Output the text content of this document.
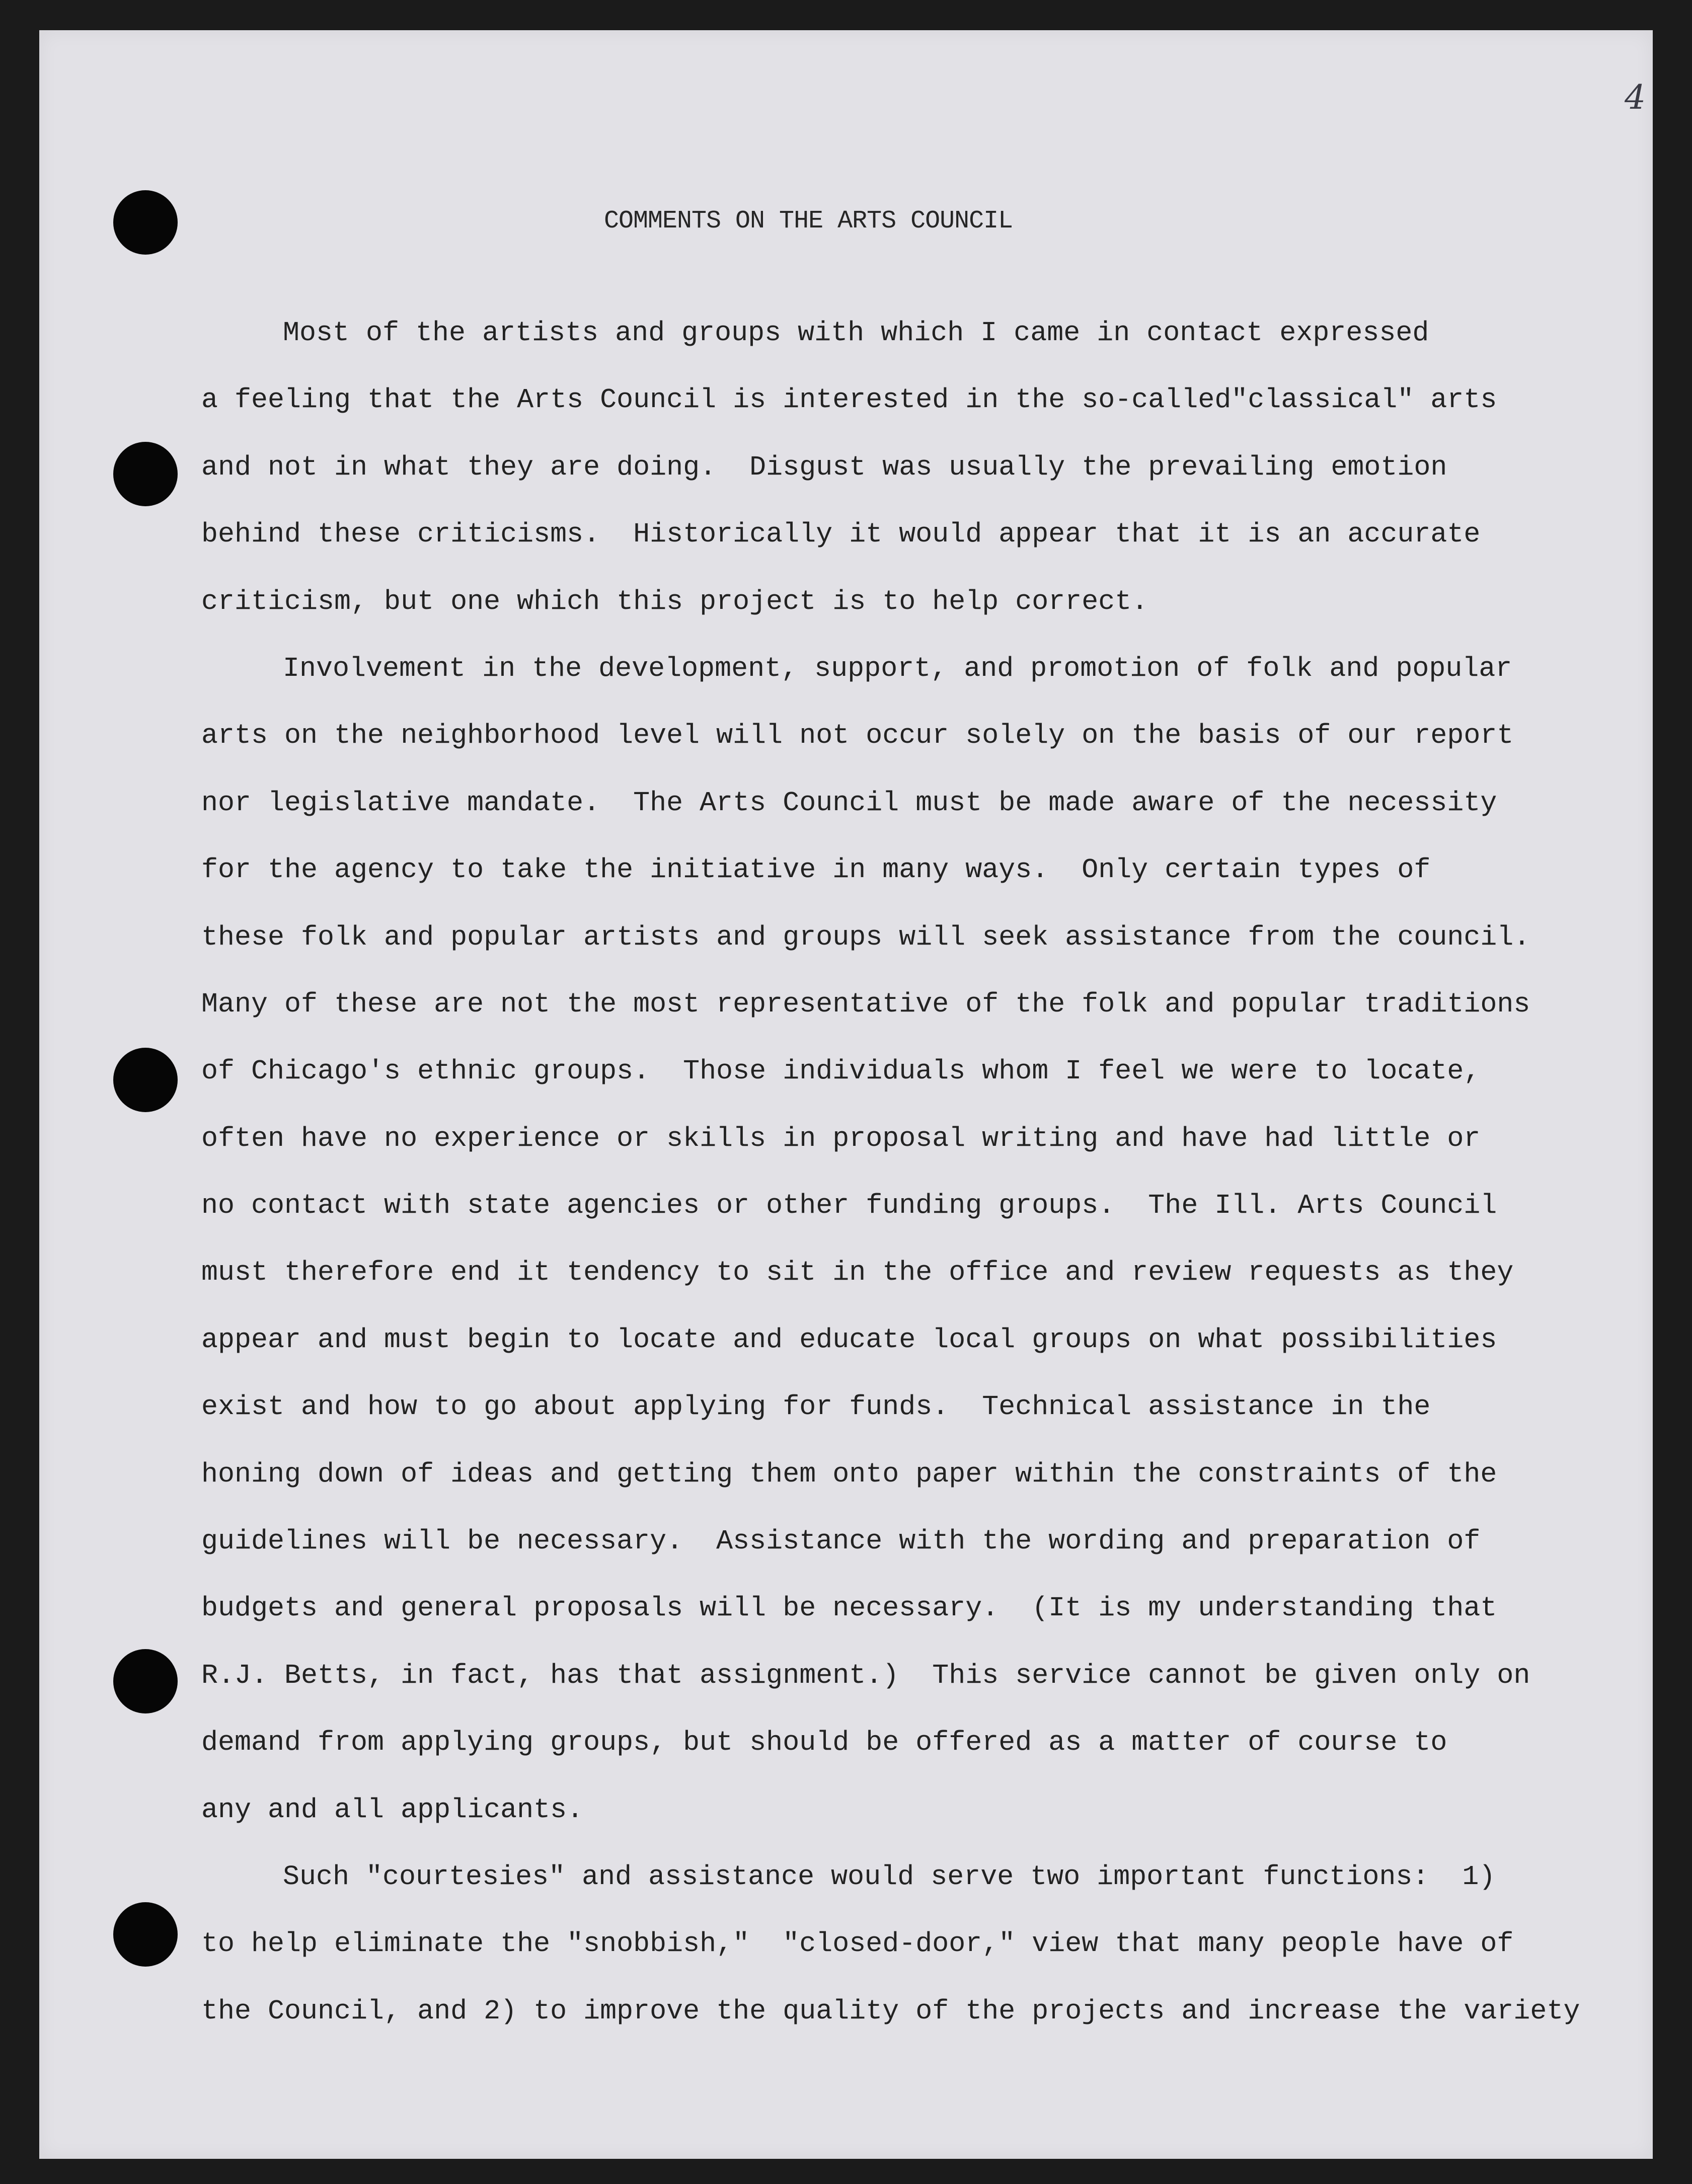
4
COMMENTS ON THE ARTS COUNCIL
Most of the artists and groups with which I came in contact expressed
a feeling that the Arts Council is interested in the so-called"classical" arts
and not in what they are doing.  Disgust was usually the prevailing emotion
behind these criticisms.  Historically it would appear that it is an accurate
criticism, but one which this project is to help correct.
Involvement in the development, support, and promotion of folk and popular
arts on the neighborhood level will not occur solely on the basis of our report
nor legislative mandate.  The Arts Council must be made aware of the necessity
for the agency to take the initiative in many ways.  Only certain types of
these folk and popular artists and groups will seek assistance from the council.
Many of these are not the most representative of the folk and popular traditions
of Chicago's ethnic groups.  Those individuals whom I feel we were to locate,
often have no experience or skills in proposal writing and have had little or
no contact with state agencies or other funding groups.  The Ill. Arts Council
must therefore end it tendency to sit in the office and review requests as they
appear and must begin to locate and educate local groups on what possibilities
exist and how to go about applying for funds.  Technical assistance in the
honing down of ideas and getting them onto paper within the constraints of the
guidelines will be necessary.  Assistance with the wording and preparation of
budgets and general proposals will be necessary.  (It is my understanding that
R.J. Betts, in fact, has that assignment.)  This service cannot be given only on
demand from applying groups, but should be offered as a matter of course to
any and all applicants.
Such "courtesies" and assistance would serve two important functions:  1)
to help eliminate the "snobbish,"  "closed-door," view that many people have of
the Council, and 2) to improve the quality of the projects and increase the variety
